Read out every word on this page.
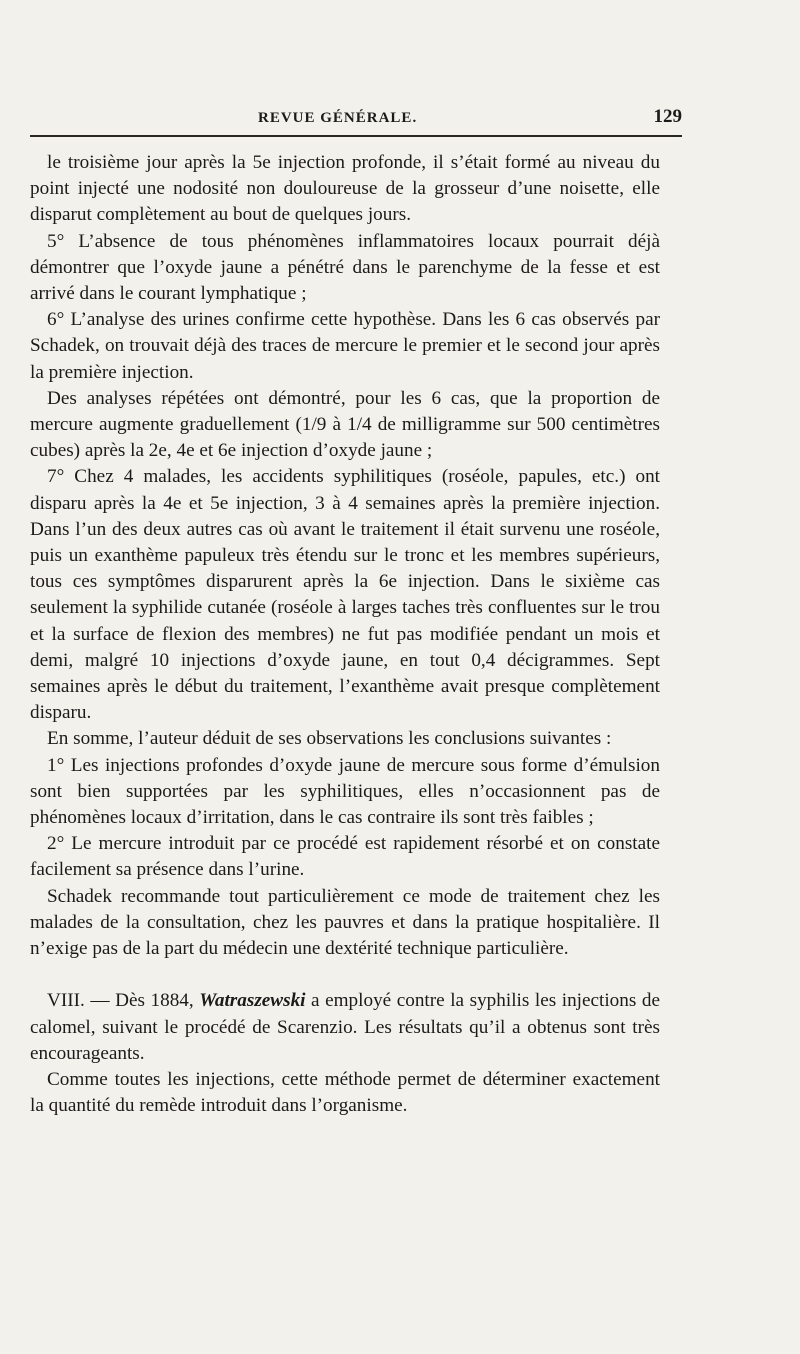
REVUE GÉNÉRALE.	129

le troisième jour après la 5e injection profonde, il s’était formé au niveau du point injecté une nodosité non douloureuse de la grosseur d’une noisette, elle disparut complètement au bout de quelques jours.

5° L’absence de tous phénomènes inflammatoires locaux pourrait déjà démontrer que l’oxyde jaune a pénétré dans le parenchyme de la fesse et est arrivé dans le courant lymphatique ;

6° L’analyse des urines confirme cette hypothèse. Dans les 6 cas observés par Schadek, on trouvait déjà des traces de mercure le premier et le second jour après la première injection.

Des analyses répétées ont démontré, pour les 6 cas, que la proportion de mercure augmente graduellement (1/9 à 1/4 de milligramme sur 500 centimètres cubes) après la 2e, 4e et 6e injection d’oxyde jaune ;

7° Chez 4 malades, les accidents syphilitiques (roséole, papules, etc.) ont disparu après la 4e et 5e injection, 3 à 4 semaines après la première injection. Dans l’un des deux autres cas où avant le traitement il était survenu une roséole, puis un exanthème papuleux très étendu sur le tronc et les membres supérieurs, tous ces symptômes disparurent après la 6e injection. Dans le sixième cas seulement la syphilide cutanée (roséole à larges taches très confluentes sur le trou et la surface de flexion des membres) ne fut pas modifiée pendant un mois et demi, malgré 10 injections d’oxyde jaune, en tout 0,4 décigrammes. Sept semaines après le début du traitement, l’exanthème avait presque complètement disparu.

En somme, l’auteur déduit de ses observations les conclusions suivantes :

1° Les injections profondes d’oxyde jaune de mercure sous forme d’émulsion sont bien supportées par les syphilitiques, elles n’occasionnent pas de phénomènes locaux d’irritation, dans le cas contraire ils sont très faibles ;

2° Le mercure introduit par ce procédé est rapidement résorbé et on constate facilement sa présence dans l’urine.

Schadek recommande tout particulièrement ce mode de traitement chez les malades de la consultation, chez les pauvres et dans la pratique hospitalière. Il n’exige pas de la part du médecin une dextérité technique particulière.

VIII. — Dès 1884, Watraszewski a employé contre la syphilis les injections de calomel, suivant le procédé de Scarenzio. Les résultats qu’il a obtenus sont très encourageants.

Comme toutes les injections, cette méthode permet de déterminer exactement la quantité du remède introduit dans l’organisme.
